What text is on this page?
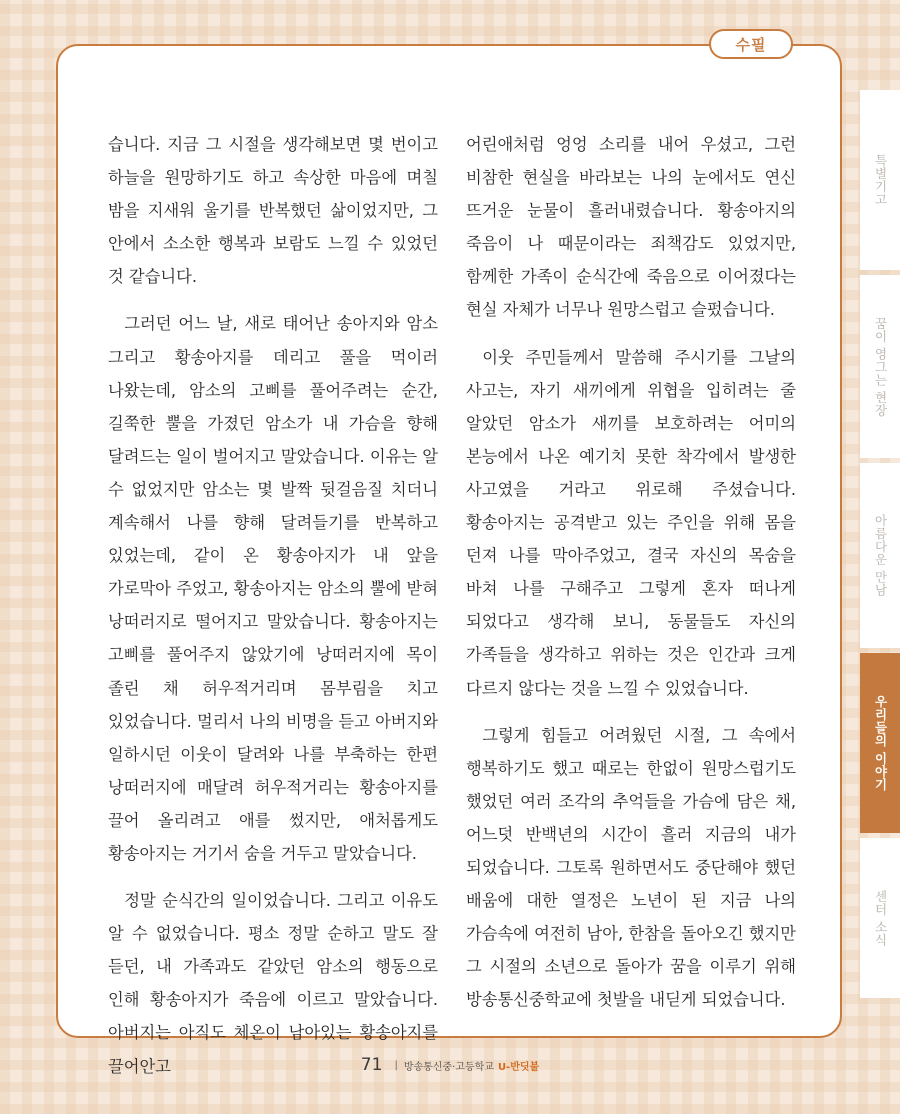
수필

습니다. 지금 그 시절을 생각해보면 몇 번이고 하늘을 원망하기도 하고 속상한 마음에 며칠 밤을 지새워 울기를 반복했던 삶이었지만, 그 안에서 소소한 행복과 보람도 느낄 수 있었던 것 같습니다.

그러던 어느 날, 새로 태어난 송아지와 암소 그리고 황송아지를 데리고 풀을 먹이러 나왔는데, 암소의 고삐를 풀어주려는 순간, 길쭉한 뿔을 가졌던 암소가 내 가슴을 향해 달려드는 일이 벌어지고 말았습니다. 이유는 알 수 없었지만 암소는 몇 발짝 뒷걸음질 치더니 계속해서 나를 향해 달려들기를 반복하고 있었는데, 같이 온 황송아지가 내 앞을 가로막아 주었고, 황송아지는 암소의 뿔에 받혀 낭떠러지로 떨어지고 말았습니다. 황송아지는 고삐를 풀어주지 않았기에 낭떠러지에 목이 졸린 채 허우적거리며 몸부림을 치고 있었습니다. 멀리서 나의 비명을 듣고 아버지와 일하시던 이웃이 달려와 나를 부축하는 한편 낭떠러지에 매달려 허우적거리는 황송아지를 끌어 올리려고 애를 썼지만, 애처롭게도 황송아지는 거기서 숨을 거두고 말았습니다.

정말 순식간의 일이었습니다. 그리고 이유도 알 수 없었습니다. 평소 정말 순하고 말도 잘 듣던, 내 가족과도 같았던 암소의 행동으로 인해 황송아지가 죽음에 이르고 말았습니다. 아버지는 아직도 체온이 남아있는 황송아지를 끌어안고

어린애처럼 엉엉 소리를 내어 우셨고, 그런 비참한 현실을 바라보는 나의 눈에서도 연신 뜨거운 눈물이 흘러내렸습니다. 황송아지의 죽음이 나 때문이라는 죄책감도 있었지만, 함께한 가족이 순식간에 죽음으로 이어졌다는 현실 자체가 너무나 원망스럽고 슬펐습니다.

이웃 주민들께서 말씀해 주시기를 그날의 사고는, 자기 새끼에게 위협을 입히려는 줄 알았던 암소가 새끼를 보호하려는 어미의 본능에서 나온 예기치 못한 착각에서 발생한 사고였을 거라고 위로해 주셨습니다. 황송아지는 공격받고 있는 주인을 위해 몸을 던져 나를 막아주었고, 결국 자신의 목숨을 바쳐 나를 구해주고 그렇게 혼자 떠나게 되었다고 생각해 보니, 동물들도 자신의 가족들을 생각하고 위하는 것은 인간과 크게 다르지 않다는 것을 느낄 수 있었습니다.

그렇게 힘들고 어려웠던 시절, 그 속에서 행복하기도 했고 때로는 한없이 원망스럽기도 했었던 여러 조각의 추억들을 가슴에 담은 채, 어느덧 반백년의 시간이 흘러 지금의 내가 되었습니다. 그토록 원하면서도 중단해야 했던 배움에 대한 열정은 노년이 된 지금 나의 가슴속에 여전히 남아, 한참을 돌아오긴 했지만 그 시절의 소년으로 돌아가 꿈을 이루기 위해 방송통신중학교에 첫발을 내딛게 되었습니다.

특별기고
꿈이 영그는 현장
아름다운 만남
우리들의 이야기
센터 소식
71 | 방송통신중·고등학교 U-반딧불
